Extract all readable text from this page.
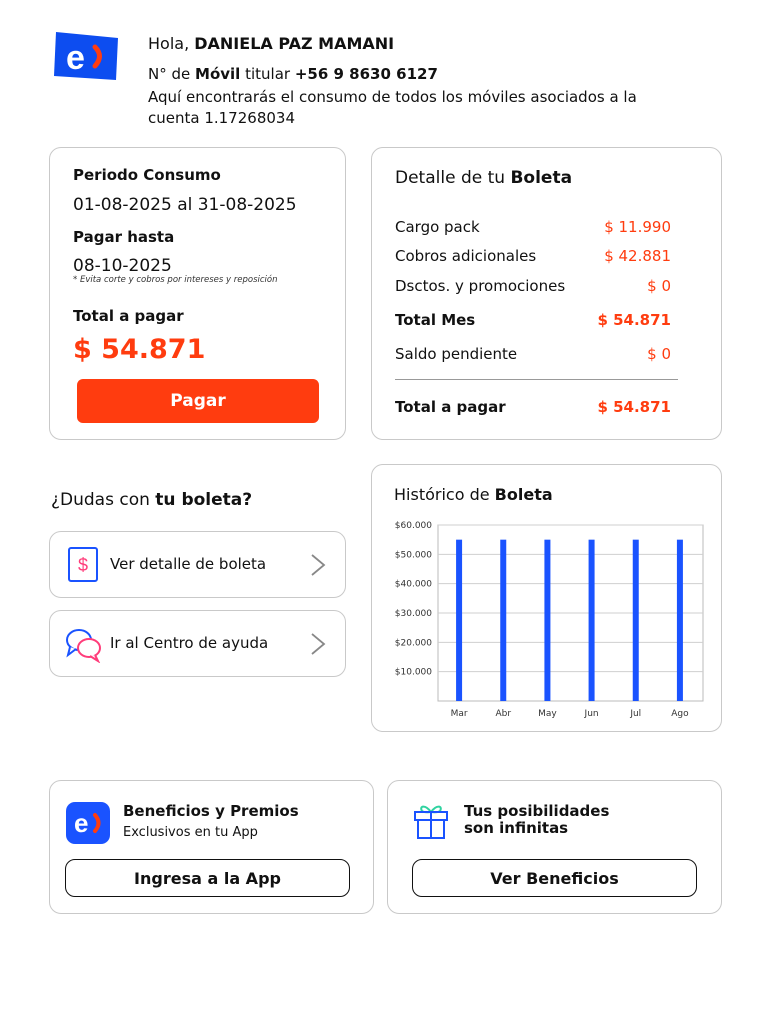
e	Hola, DANIELA PAZ MAMANI
N° de Móvil titular +56 9 8630 6127
Aquí encontrarás el consumo de todos los móviles asociados a la cuenta 1.17268034
Periodo Consumo
01-08-2025 al 31-08-2025
Pagar hasta
08-10-2025
* Evita corte y cobros por intereses y reposición
Total a pagar
$ 54.871
Pagar
Detalle de tu Boleta
Cargo pack	$ 11.990
Cobros adicionales	$ 42.881
Dsctos. y promociones	$ 0
Total Mes	$ 54.871
Saldo pendiente	$ 0
Total a pagar	$ 54.871
¿Dudas con tu boleta?
$ Ver detalle de boleta
Ir al Centro de ayuda
Histórico de Boleta
$10.000
$20.000
$30.000
$40.000
$50.000
$60.000
Mar	Abr	May	Jun	Jul	Ago
e Beneficios y Premios
Exclusivos en tu App
Ingresa a la App
Tus posibilidades
son infinitas
Ver Beneficios
